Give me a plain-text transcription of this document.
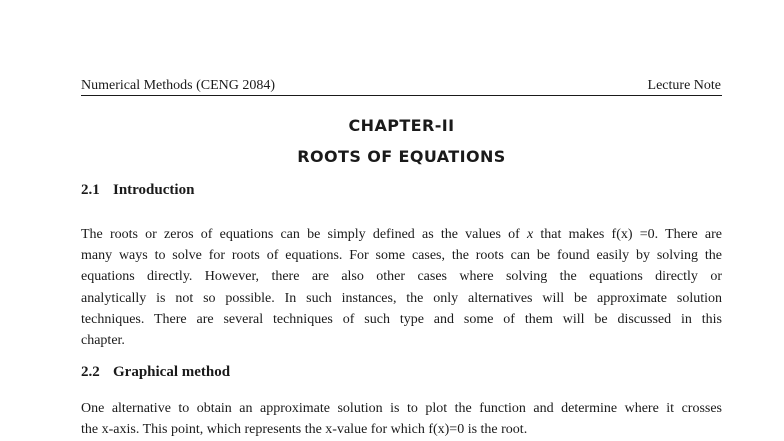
Numerical Methods (CENG 2084)	Lecture Note
CHAPTER-II
ROOTS OF EQUATIONS
2.1 Introduction
The roots or zeros of equations can be simply defined as the values of x that makes f(x) =0. There are
many ways to solve for roots of equations. For some cases, the roots can be found easily by solving the
equations directly. However, there are also other cases where solving the equations directly or
analytically is not so possible. In such instances, the only alternatives will be approximate solution
techniques. There are several techniques of such type and some of them will be discussed in this
chapter.
2.2 Graphical method
One alternative to obtain an approximate solution is to plot the function and determine where it crosses
the x-axis. This point, which represents the x-value for which f(x)=0 is the root.
